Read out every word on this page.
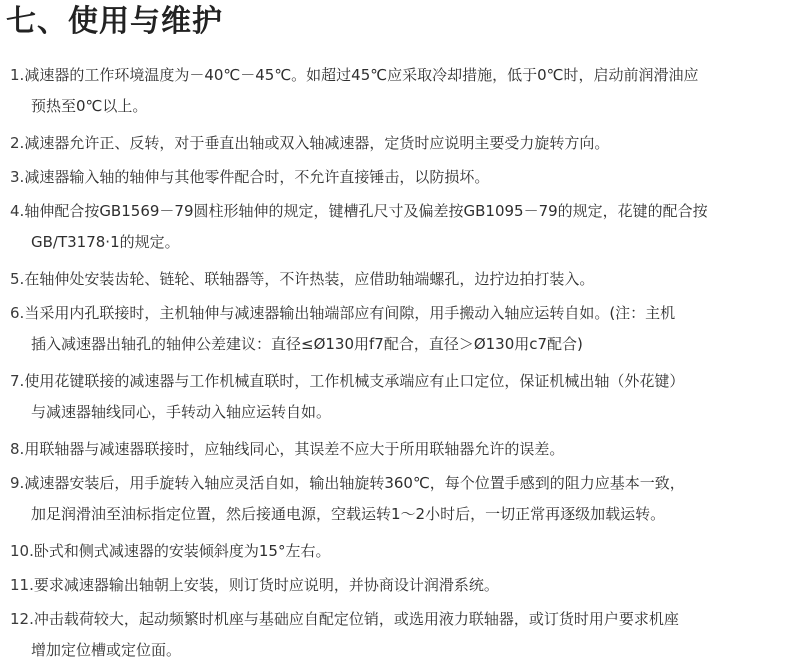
七、使用与维护
1.减速器的工作环境温度为－40℃－45℃。如超过45℃应采取冷却措施，低于0℃时，启动前润滑油应
预热至0℃以上。
2.减速器允许正、反转，对于垂直出轴或双入轴减速器，定货时应说明主要受力旋转方向。
3.减速器输入轴的轴伸与其他零件配合时，不允许直接锤击，以防损坏。
4.轴伸配合按GB1569－79圆柱形轴伸的规定，键槽孔尺寸及偏差按GB1095－79的规定，花键的配合按
GB/T3178·1的规定。
5.在轴伸处安装齿轮、链轮、联轴器等，不许热装，应借助轴端螺孔，边拧边拍打装入。
6.当采用内孔联接时，主机轴伸与减速器输出轴端部应有间隙，用手搬动入轴应运转自如。(注：主机
插入减速器出轴孔的轴伸公差建议：直径≤Ø130用f7配合，直径＞Ø130用c7配合)
7.使用花键联接的减速器与工作机械直联时，工作机械支承端应有止口定位，保证机械出轴（外花键）
与减速器轴线同心，手转动入轴应运转自如。
8.用联轴器与减速器联接时，应轴线同心，其误差不应大于所用联轴器允许的误差。
9.减速器安装后，用手旋转入轴应灵活自如，输出轴旋转360℃，每个位置手感到的阻力应基本一致，
加足润滑油至油标指定位置，然后接通电源，空载运转1～2小时后，一切正常再逐级加载运转。
10.卧式和侧式减速器的安装倾斜度为15°左右。
11.要求减速器输出轴朝上安装，则订货时应说明，并协商设计润滑系统。
12.冲击载荷较大，起动频繁时机座与基础应自配定位销，或选用液力联轴器，或订货时用户要求机座
增加定位槽或定位面。
